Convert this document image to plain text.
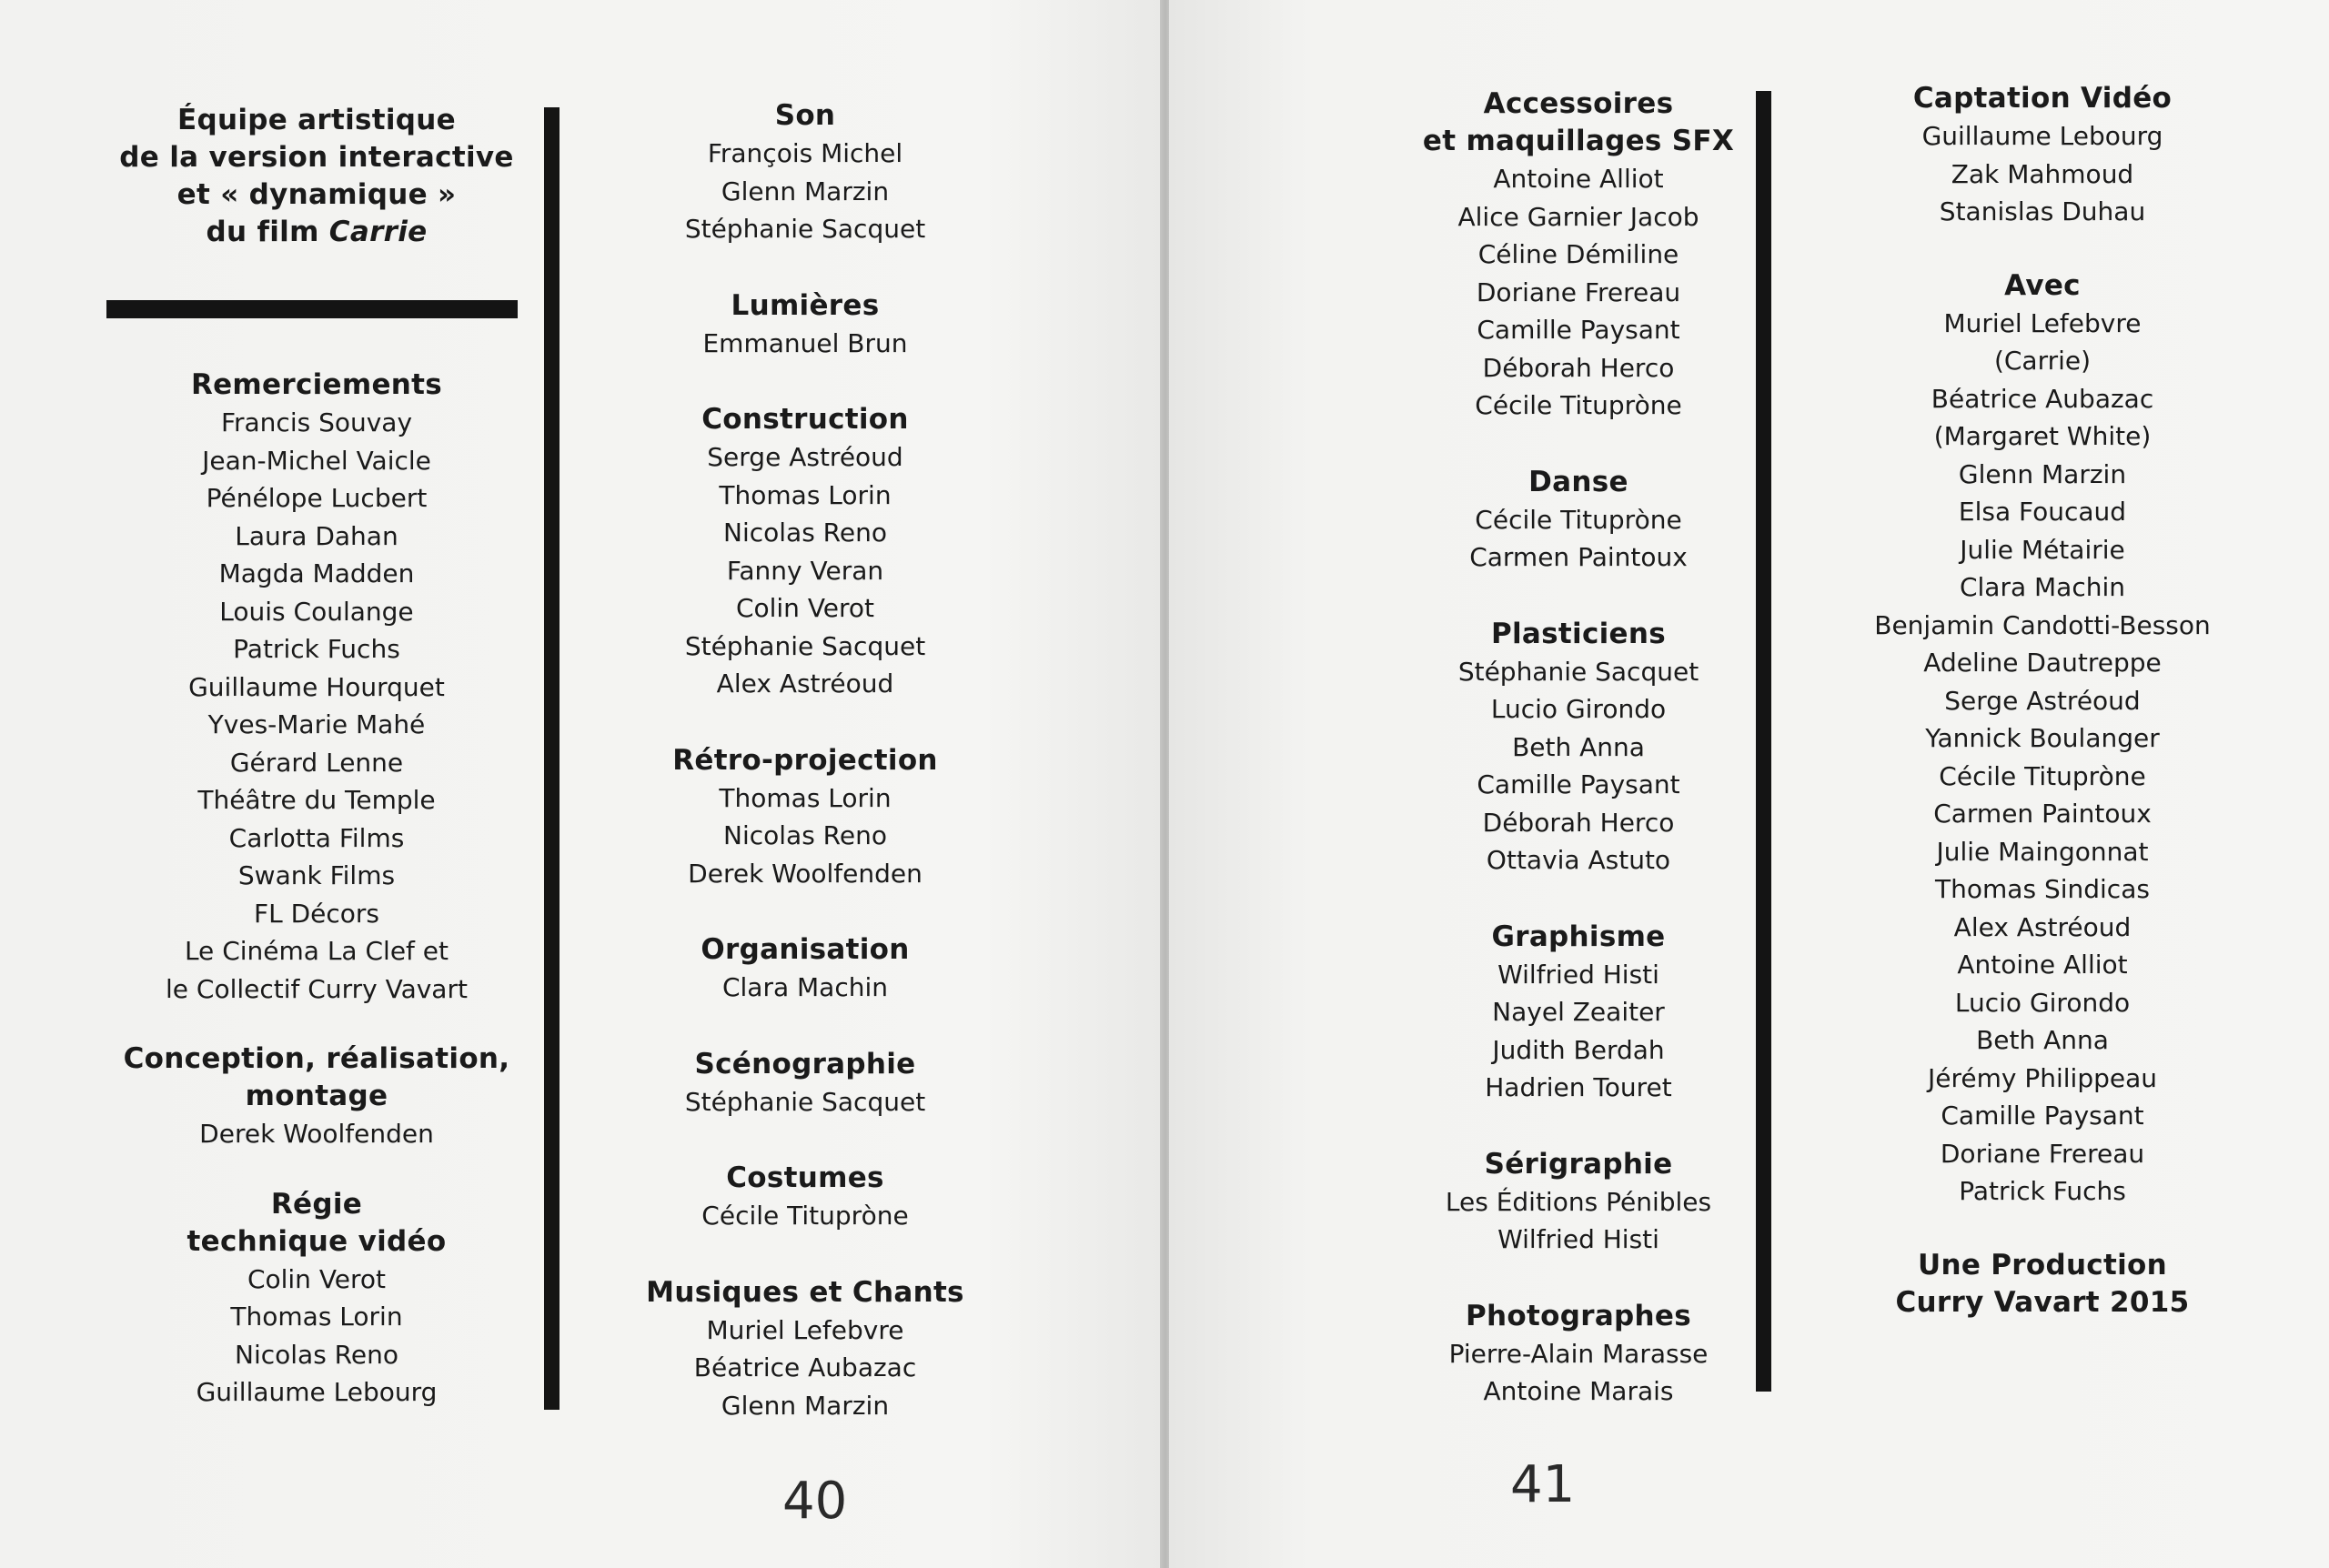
Équipe artistique
de la version interactive
et « dynamique »
du film Carrie
Remerciements
Francis Souvay
Jean-Michel Vaicle
Pénélope Lucbert
Laura Dahan
Magda Madden
Louis Coulange
Patrick Fuchs
Guillaume Hourquet
Yves-Marie Mahé
Gérard Lenne
Théâtre du Temple
Carlotta Films
Swank Films
FL Décors
Le Cinéma La Clef et
le Collectif Curry Vavart
Conception, réalisation,
montage
Derek Woolfenden
Régie
technique vidéo
Colin Verot
Thomas Lorin
Nicolas Reno
Guillaume Lebourg
Son
François Michel
Glenn Marzin
Stéphanie Sacquet
Lumières
Emmanuel Brun
Construction
Serge Astréoud
Thomas Lorin
Nicolas Reno
Fanny Veran
Colin Verot
Stéphanie Sacquet
Alex Astréoud
Rétro-projection
Thomas Lorin
Nicolas Reno
Derek Woolfenden
Organisation
Clara Machin
Scénographie
Stéphanie Sacquet
Costumes
Cécile Titupròne
Musiques et Chants
Muriel Lefebvre
Béatrice Aubazac
Glenn Marzin
40
Accessoires
et maquillages SFX
Antoine Alliot
Alice Garnier Jacob
Céline Démiline
Doriane Frereau
Camille Paysant
Déborah Herco
Cécile Titupròne
Danse
Cécile Titupròne
Carmen Paintoux
Plasticiens
Stéphanie Sacquet
Lucio Girondo
Beth Anna
Camille Paysant
Déborah Herco
Ottavia Astuto
Graphisme
Wilfried Histi
Nayel Zeaiter
Judith Berdah
Hadrien Touret
Sérigraphie
Les Éditions Pénibles
Wilfried Histi
Photographes
Pierre-Alain Marasse
Antoine Marais
Captation Vidéo
Guillaume Lebourg
Zak Mahmoud
Stanislas Duhau
Avec
Muriel Lefebvre
(Carrie)
Béatrice Aubazac
(Margaret White)
Glenn Marzin
Elsa Foucaud
Julie Métairie
Clara Machin
Benjamin Candotti-Besson
Adeline Dautreppe
Serge Astréoud
Yannick Boulanger
Cécile Titupròne
Carmen Paintoux
Julie Maingonnat
Thomas Sindicas
Alex Astréoud
Antoine Alliot
Lucio Girondo
Beth Anna
Jérémy Philippeau
Camille Paysant
Doriane Frereau
Patrick Fuchs
Une Production
Curry Vavart 2015
41
